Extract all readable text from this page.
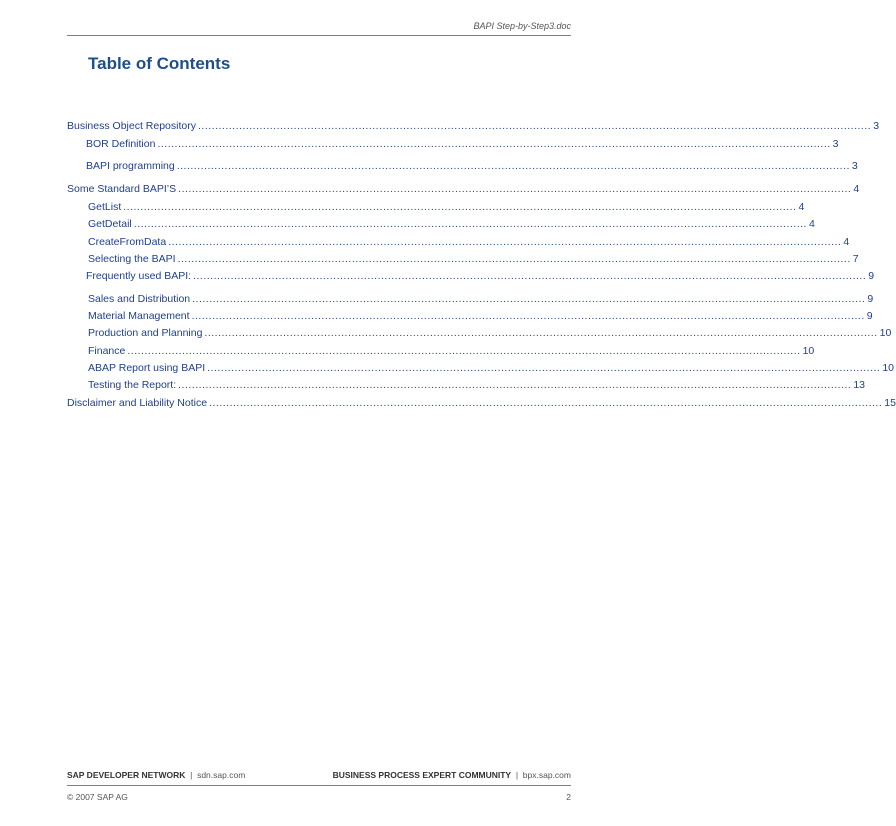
BAPI Step-by-Step3.doc
Table of Contents
Business Object Repository ..................................................................................................................................................................................................... 3
BOR Definition ..................................................................................................................................................................................................... 3
BAPI programming ..................................................................................................................................................................................................... 3
Some Standard BAPI’S ..................................................................................................................................................................................................... 4
GetList ..................................................................................................................................................................................................... 4
GetDetail ..................................................................................................................................................................................................... 4
CreateFromData ..................................................................................................................................................................................................... 4
Selecting the BAPI ..................................................................................................................................................................................................... 7
Frequently used BAPI: ..................................................................................................................................................................................................... 9
Sales and Distribution ..................................................................................................................................................................................................... 9
Material Management ..................................................................................................................................................................................................... 9
Production and Planning ..................................................................................................................................................................................................... 10
Finance ..................................................................................................................................................................................................... 10
ABAP Report using BAPI ..................................................................................................................................................................................................... 10
Testing the Report: ..................................................................................................................................................................................................... 13
Disclaimer and Liability Notice ..................................................................................................................................................................................................... 15
SAP DEVELOPER NETWORK | sdn.sap.com	BUSINESS PROCESS EXPERT COMMUNITY | bpx.sap.com
© 2007 SAP AG	2
